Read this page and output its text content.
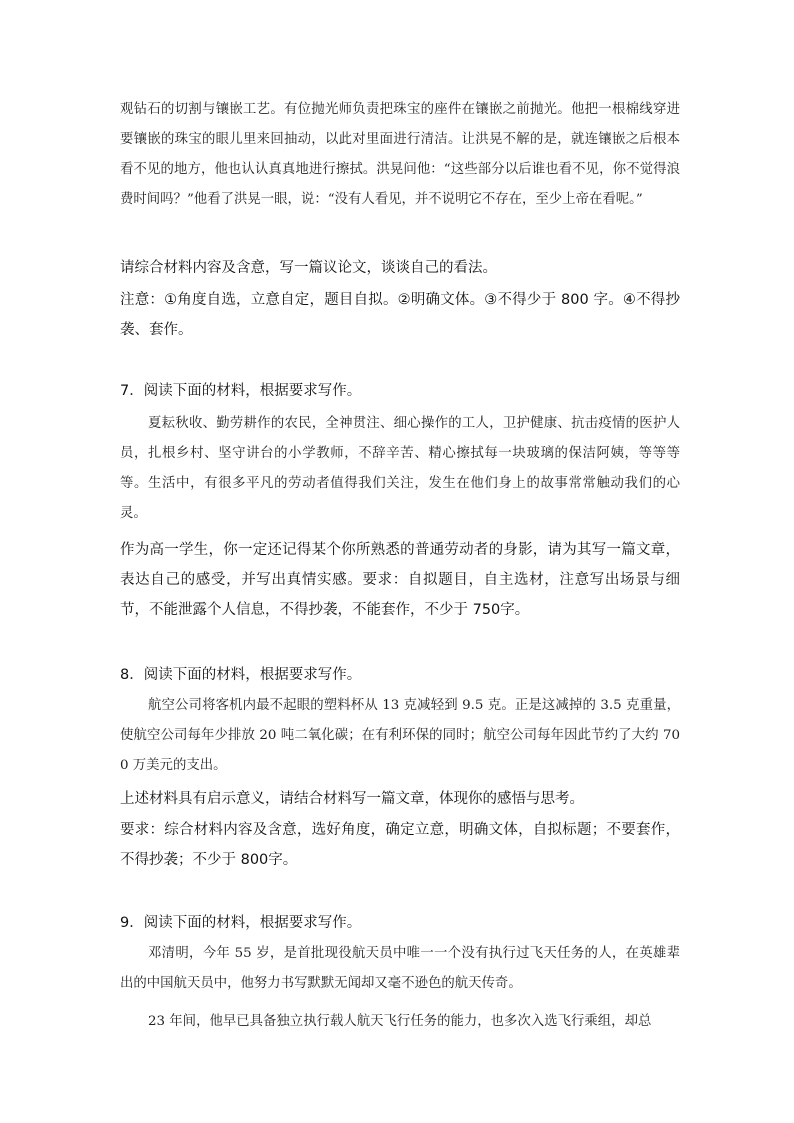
观钻石的切割与镶嵌工艺。有位抛光师负责把珠宝的座件在镶嵌之前抛光。他把一根棉线穿进要镶嵌的珠宝的眼儿里来回抽动，以此对里面进行清洁。让洪晃不解的是，就连镶嵌之后根本看不见的地方，他也认认真真地进行擦拭。洪晃问他：“这些部分以后谁也看不见，你不觉得浪费时间吗？”他看了洪晃一眼，说：“没有人看见，并不说明它不存在，至少上帝在看呢。”

请综合材料内容及含意，写一篇议论文，谈谈自己的看法。

注意：①角度自选，立意自定，题目自拟。②明确文体。③不得少于 800 字。④不得抄袭、套作。

7．阅读下面的材料，根据要求写作。

夏耘秋收、勤劳耕作的农民，全神贯注、细心操作的工人，卫护健康、抗击疫情的医护人员，扎根乡村、坚守讲台的小学教师，不辞辛苦、精心擦拭每一块玻璃的保洁阿姨，等等等等。生活中，有很多平凡的劳动者值得我们关注，发生在他们身上的故事常常触动我们的心灵。

作为高一学生，你一定还记得某个你所熟悉的普通劳动者的身影，请为其写一篇文章，表达自己的感受，并写出真情实感。要求：自拟题目，自主选材，注意写出场景与细节，不能泄露个人信息，不得抄袭，不能套作，不少于 750字。

8．阅读下面的材料，根据要求写作。

航空公司将客机内最不起眼的塑料杯从 13 克减轻到 9.5 克。正是这减掉的 3.5 克重量，使航空公司每年少排放 20 吨二氧化碳；在有利环保的同时；航空公司每年因此节约了大约 700 万美元的支出。

上述材料具有启示意义，请结合材料写一篇文章，体现你的感悟与思考。

要求：综合材料内容及含意，选好角度，确定立意，明确文体，自拟标题；不要套作，不得抄袭；不少于 800字。

9．阅读下面的材料，根据要求写作。

邓清明，今年 55 岁，是首批现役航天员中唯一一个没有执行过飞天任务的人，在英雄辈出的中国航天员中，他努力书写默默无闻却又毫不逊色的航天传奇。

23 年间，他早已具备独立执行载人航天飞行任务的能力，也多次入选飞行乘组，却总
